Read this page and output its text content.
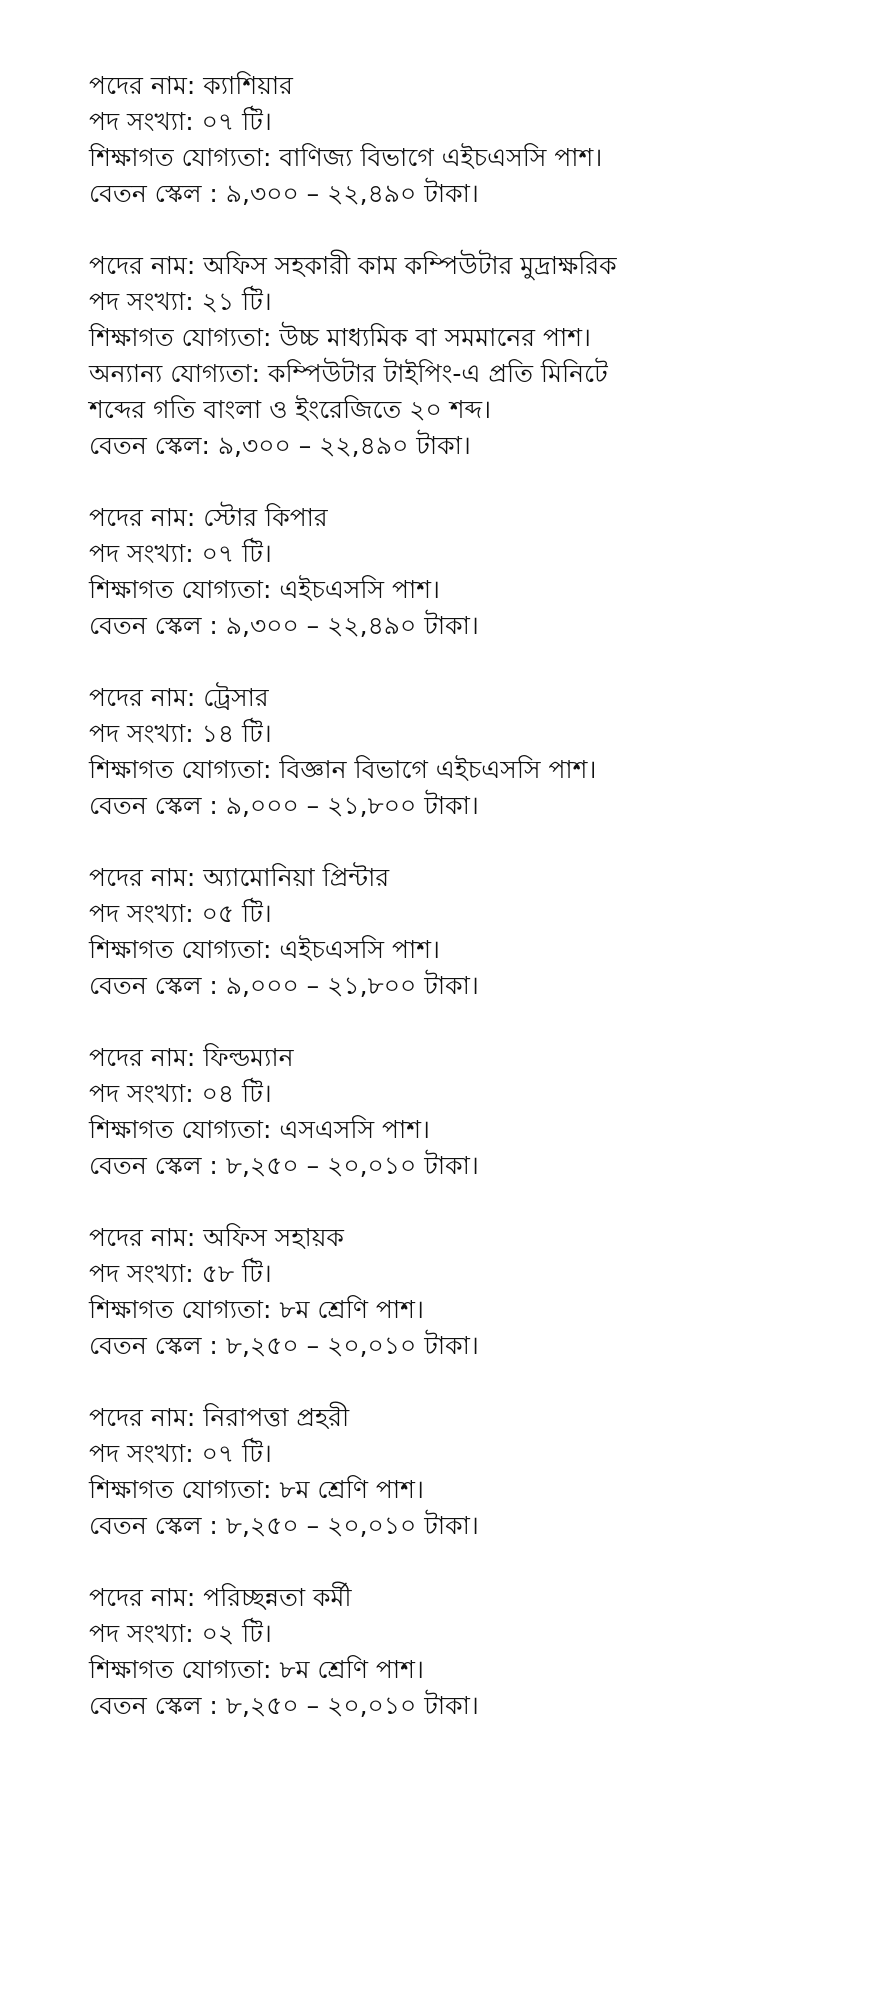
পদের নাম: ক্যাশিয়ার
পদ সংখ্যা: ০৭ টি।
শিক্ষাগত যোগ্যতা: বাণিজ্য বিভাগে এইচএসসি পাশ।
বেতন স্কেল : ৯,৩০০ – ২২,৪৯০ টাকা।
পদের নাম: অফিস সহকারী কাম কম্পিউটার মুদ্রাক্ষরিক
পদ সংখ্যা: ২১ টি।
শিক্ষাগত যোগ্যতা: উচ্চ মাধ্যমিক বা সমমানের পাশ।
অন্যান্য যোগ্যতা: কম্পিউটার টাইপিং-এ প্রতি মিনিটে শব্দের গতি বাংলা ও ইংরেজিতে ২০ শব্দ।
বেতন স্কেল: ৯,৩০০ – ২২,৪৯০ টাকা।
পদের নাম: স্টোর কিপার
পদ সংখ্যা: ০৭ টি।
শিক্ষাগত যোগ্যতা: এইচএসসি পাশ।
বেতন স্কেল : ৯,৩০০ – ২২,৪৯০ টাকা।
পদের নাম: ট্রেসার
পদ সংখ্যা: ১৪ টি।
শিক্ষাগত যোগ্যতা: বিজ্ঞান বিভাগে এইচএসসি পাশ।
বেতন স্কেল : ৯,০০০ – ২১,৮০০ টাকা।
পদের নাম: অ্যামোনিয়া প্রিন্টার
পদ সংখ্যা: ০৫ টি।
শিক্ষাগত যোগ্যতা: এইচএসসি পাশ।
বেতন স্কেল : ৯,০০০ – ২১,৮০০ টাকা।
পদের নাম: ফিল্ডম্যান
পদ সংখ্যা: ০৪ টি।
শিক্ষাগত যোগ্যতা: এসএসসি পাশ।
বেতন স্কেল : ৮,২৫০ – ২০,০১০ টাকা।
পদের নাম: অফিস সহায়ক
পদ সংখ্যা: ৫৮ টি।
শিক্ষাগত যোগ্যতা: ৮ম শ্রেণি পাশ।
বেতন স্কেল : ৮,২৫০ – ২০,০১০ টাকা।
পদের নাম: নিরাপত্তা প্রহরী
পদ সংখ্যা: ০৭ টি।
শিক্ষাগত যোগ্যতা: ৮ম শ্রেণি পাশ।
বেতন স্কেল : ৮,২৫০ – ২০,০১০ টাকা।
পদের নাম: পরিচ্ছন্নতা কর্মী
পদ সংখ্যা: ০২ টি।
শিক্ষাগত যোগ্যতা: ৮ম শ্রেণি পাশ।
বেতন স্কেল : ৮,২৫০ – ২০,০১০ টাকা।
